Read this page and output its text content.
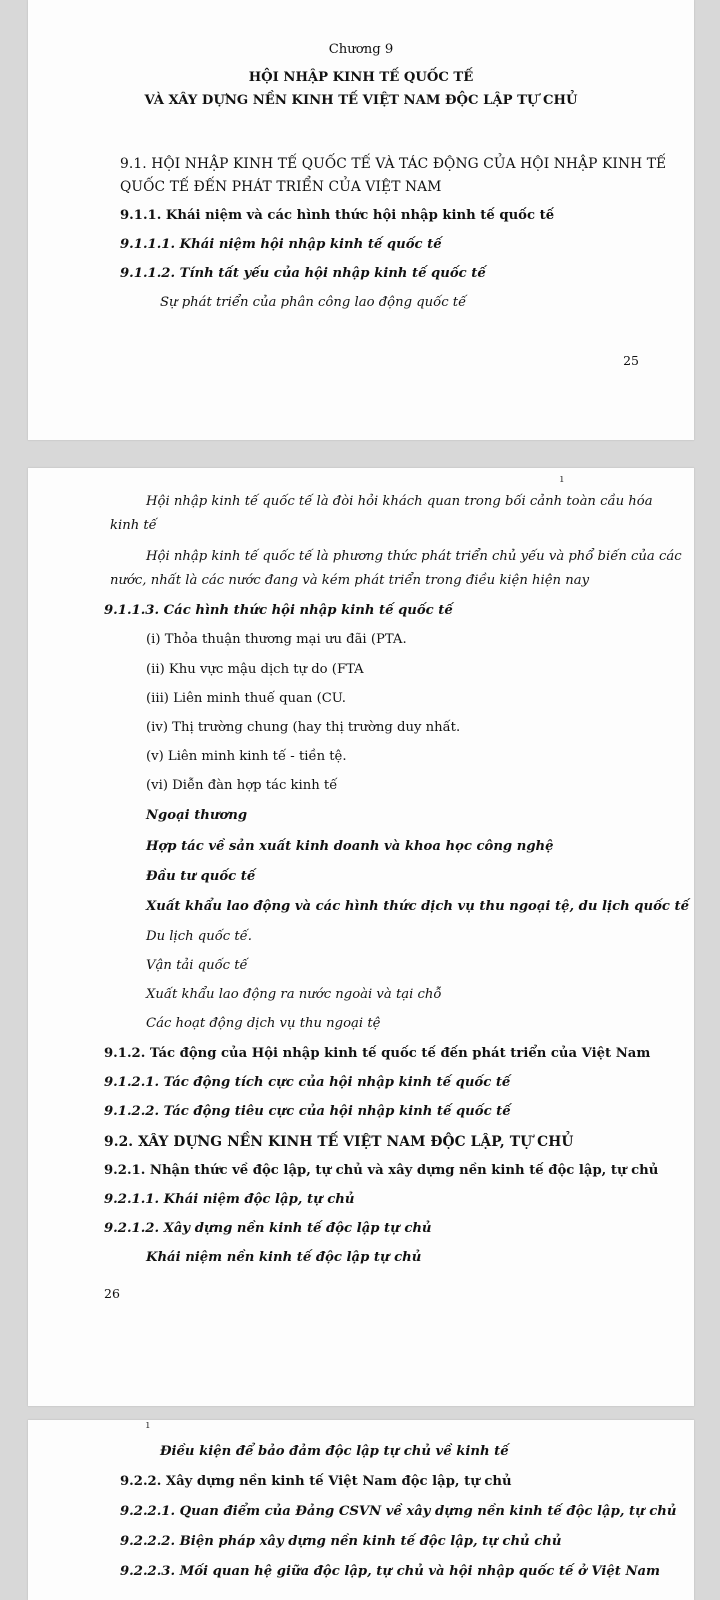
Chương 9
HỘI NHẬP KINH TẾ QUỐC TẾ
VÀ XÂY DỰNG NỀN KINH TẾ VIỆT NAM ĐỘC LẬP TỰ CHỦ
9.1. HỘI NHẬP KINH TẾ QUỐC TẾ VÀ TÁC ĐỘNG CỦA HỘI NHẬP KINH TẾ
QUỐC TẾ ĐẾN PHÁT TRIỂN CỦA VIỆT NAM
9.1.1. Khái niệm và các hình thức hội nhập kinh tế quốc tế
9.1.1.1. Khái niệm hội nhập kinh tế quốc tế
9.1.1.2. Tính tất yếu của hội nhập kinh tế quốc tế
Sự phát triển của phân công lao động quốc tế
25
ı
Hội nhập kinh tế quốc tế là đòi hỏi khách quan trong bối cảnh toàn cầu hóa
kinh tế
Hội nhập kinh tế quốc tế là phương thức phát triển chủ yếu và phổ biến của các
nước, nhất là các nước đang và kém phát triển trong điều kiện hiện nay
9.1.1.3. Các hình thức hội nhập kinh tế quốc tế
(i) Thỏa thuận thương mại ưu đãi (PTA.
(ii) Khu vực mậu dịch tự do (FTA
(iii) Liên minh thuế quan (CU.
(iv) Thị trường chung (hay thị trường duy nhất.
(v) Liên minh kinh tế - tiền tệ.
(vi) Diễn đàn hợp tác kinh tế
Ngoại thương
Hợp tác về sản xuất kinh doanh và khoa học công nghệ
Đầu tư quốc tế
Xuất khẩu lao động và các hình thức dịch vụ thu ngoại tệ, du lịch quốc tế
Du lịch quốc tế.
Vận tải quốc tế
Xuất khẩu lao động ra nước ngoài và tại chỗ
Các hoạt động dịch vụ thu ngoại tệ
9.1.2. Tác động của Hội nhập kinh tế quốc tế đến phát triển của Việt Nam
9.1.2.1. Tác động tích cực của hội nhập kinh tế quốc tế
9.1.2.2. Tác động tiêu cực của hội nhập kinh tế quốc tế
9.2. XÂY DỰNG NỀN KINH TẾ VIỆT NAM ĐỘC LẬP, TỰ CHỦ
9.2.1. Nhận thức về độc lập, tự chủ và xây dựng nền kinh tế độc lập, tự chủ
9.2.1.1. Khái niệm độc lập, tự chủ
9.2.1.2. Xây dựng nền kinh tế độc lập tự chủ
Khái niệm nền kinh tế độc lập tự chủ
26
ı
Điều kiện để bảo đảm độc lập tự chủ về kinh tế
9.2.2. Xây dựng nền kinh tế Việt Nam độc lập, tự chủ
9.2.2.1. Quan điểm của Đảng CSVN về xây dựng nền kinh tế độc lập, tự chủ
9.2.2.2. Biện pháp xây dựng nền kinh tế độc lập, tự chủ chủ
9.2.2.3. Mối quan hệ giữa độc lập, tự chủ và hội nhập quốc tế ở Việt Nam
